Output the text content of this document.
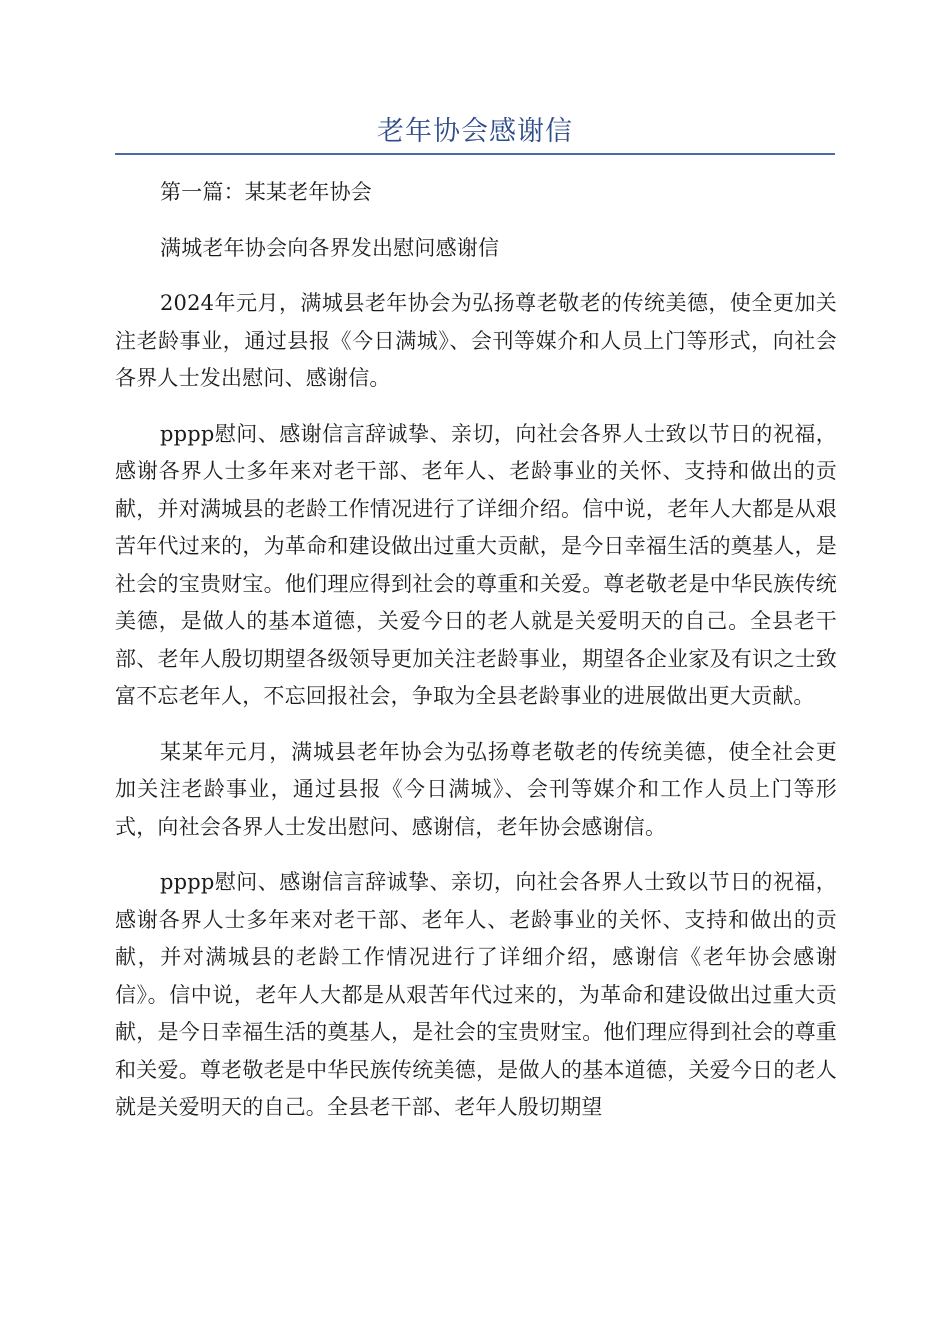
老年协会感谢信

第一篇：某某老年协会

满城老年协会向各界发出慰问感谢信

2024年元月，满城县老年协会为弘扬尊老敬老的传统美德，使全更加关注老龄事业，通过县报《今日满城》、会刊等媒介和人员上门等形式，向社会各界人士发出慰问、感谢信。

pppp慰问、感谢信言辞诚挚、亲切，向社会各界人士致以节日的祝福，感谢各界人士多年来对老干部、老年人、老龄事业的关怀、支持和做出的贡献，并对满城县的老龄工作情况进行了详细介绍。信中说，老年人大都是从艰苦年代过来的，为革命和建设做出过重大贡献，是今日幸福生活的奠基人，是社会的宝贵财宝。他们理应得到社会的尊重和关爱。尊老敬老是中华民族传统美德，是做人的基本道德，关爱今日的老人就是关爱明天的自己。全县老干部、老年人殷切期望各级领导更加关注老龄事业，期望各企业家及有识之士致富不忘老年人，不忘回报社会，争取为全县老龄事业的进展做出更大贡献。

某某年元月，满城县老年协会为弘扬尊老敬老的传统美德，使全社会更加关注老龄事业，通过县报《今日满城》、会刊等媒介和工作人员上门等形式，向社会各界人士发出慰问、感谢信，老年协会感谢信。

pppp慰问、感谢信言辞诚挚、亲切，向社会各界人士致以节日的祝福，感谢各界人士多年来对老干部、老年人、老龄事业的关怀、支持和做出的贡献，并对满城县的老龄工作情况进行了详细介绍，感谢信《老年协会感谢信》。信中说，老年人大都是从艰苦年代过来的，为革命和建设做出过重大贡献，是今日幸福生活的奠基人，是社会的宝贵财宝。他们理应得到社会的尊重和关爱。尊老敬老是中华民族传统美德，是做人的基本道德，关爱今日的老人就是关爱明天的自己。全县老干部、老年人殷切期望
